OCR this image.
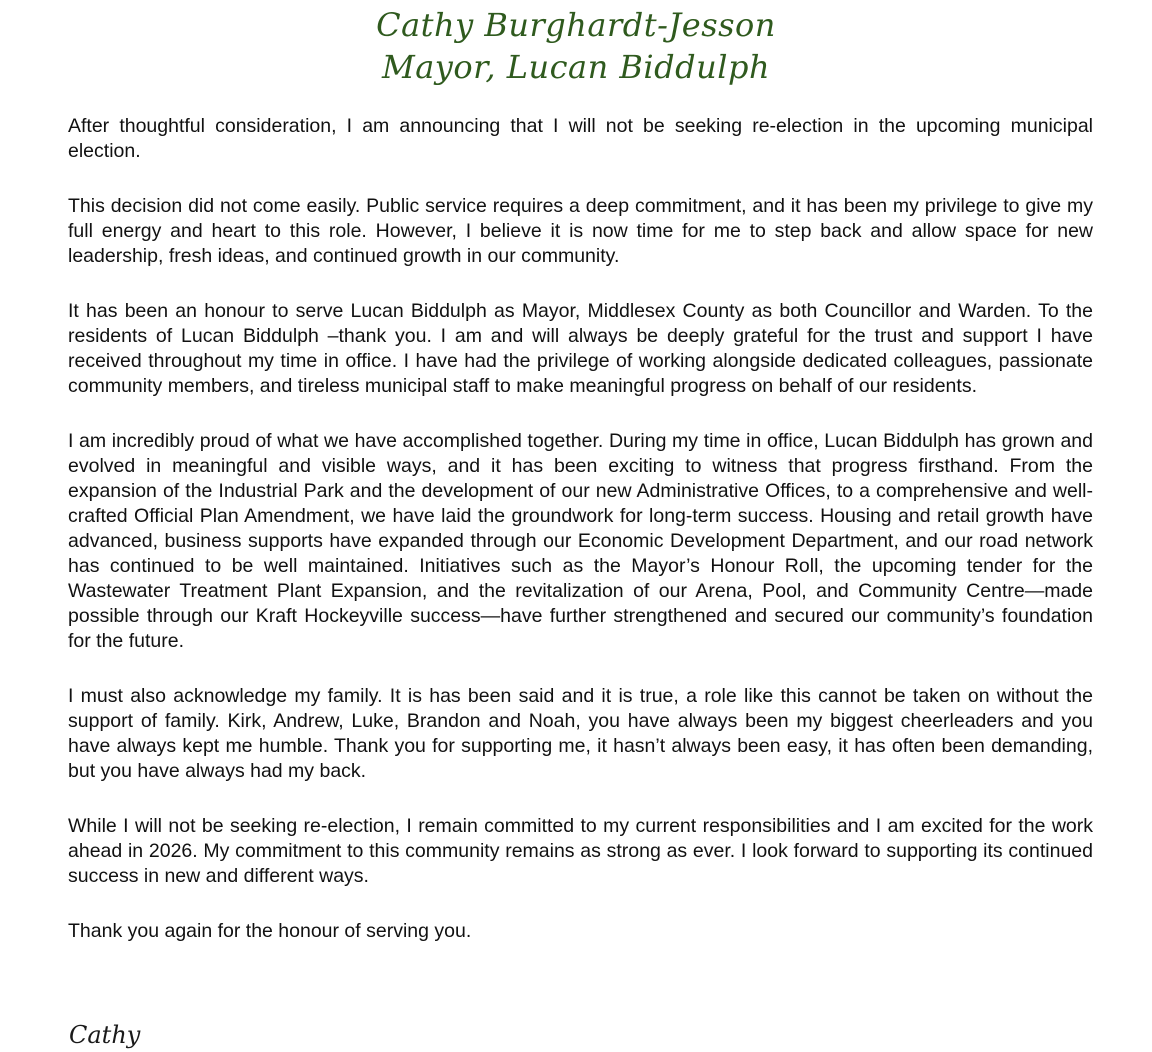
Cathy Burghardt-Jesson
Mayor, Lucan Biddulph

After thoughtful consideration, I am announcing that I will not be seeking re-election in the upcoming municipal election.

This decision did not come easily. Public service requires a deep commitment, and it has been my privilege to give my full energy and heart to this role. However, I believe it is now time for me to step back and allow space for new leadership, fresh ideas, and continued growth in our community.

It has been an honour to serve Lucan Biddulph as Mayor, Middlesex County as both Councillor and Warden. To the residents of Lucan Biddulph –thank you. I am and will always be deeply grateful for the trust and support I have received throughout my time in office. I have had the privilege of working alongside dedicated colleagues, passionate community members, and tireless municipal staff to make meaningful progress on behalf of our residents.

I am incredibly proud of what we have accomplished together. During my time in office, Lucan Biddulph has grown and evolved in meaningful and visible ways, and it has been exciting to witness that progress firsthand. From the expansion of the Industrial Park and the development of our new Administrative Offices, to a comprehensive and well-crafted Official Plan Amendment, we have laid the groundwork for long-term success. Housing and retail growth have advanced, business supports have expanded through our Economic Development Department, and our road network has continued to be well maintained. Initiatives such as the Mayor’s Honour Roll, the upcoming tender for the Wastewater Treatment Plant Expansion, and the revitalization of our Arena, Pool, and Community Centre—made possible through our Kraft Hockeyville success—have further strengthened and secured our community’s foundation for the future.

I must also acknowledge my family. It is has been said and it is true, a role like this cannot be taken on without the support of family. Kirk, Andrew, Luke, Brandon and Noah, you have always been my biggest cheerleaders and you have always kept me humble. Thank you for supporting me, it hasn’t always been easy, it has often been demanding, but you have always had my back.

While I will not be seeking re-election, I remain committed to my current responsibilities and I am excited for the work ahead in 2026. My commitment to this community remains as strong as ever. I look forward to supporting its continued success in new and different ways.

Thank you again for the honour of serving you.

Cathy
